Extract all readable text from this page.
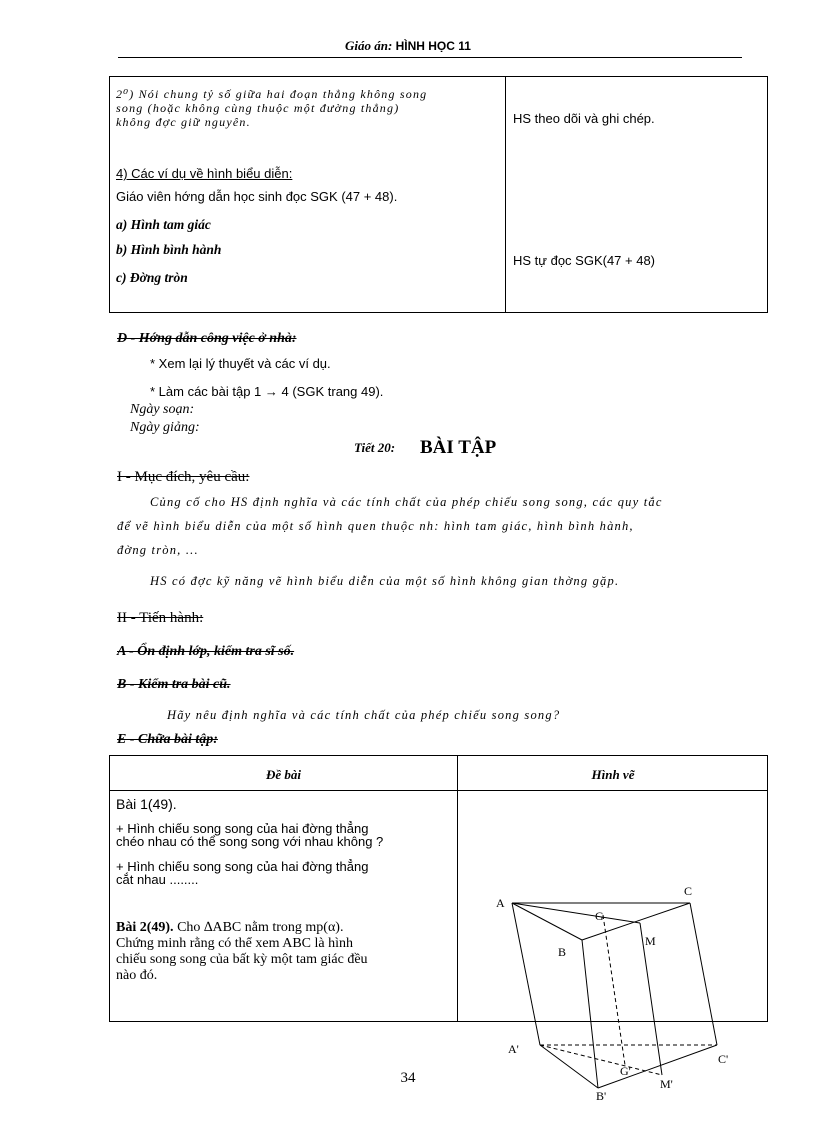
Giáo án: HÌNH HỌC 11
2⁰) Nói chung tỷ số giữa hai đoạn thẳng không song
song (hoặc không cùng thuộc một đường thẳng)
không đợc giữ nguyên.
4) Các ví dụ về hình biểu diễn:
Giáo viên hớng dẫn học sinh đọc SGK (47 + 48).
a) Hình tam giác
b) Hình bình hành
c) Đờng tròn
HS theo dõi và ghi chép.
HS tự đọc SGK(47 + 48)
D - Hớng dẫn công việc ở nhà:
* Xem lại lý thuyết và các ví dụ.
* Làm các bài tập 1 → 4 (SGK trang 49).
Ngày soạn:
Ngày giảng:
Tiết 20: BÀI TẬP
I - Mục đích, yêu cầu:
Củng cố cho HS định nghĩa và các tính chất của phép chiếu song song, các quy tắc
để vẽ hình biểu diễn của một số hình quen thuộc nh: hình tam giác, hình bình hành,
đờng tròn, ...
HS có đợc kỹ năng vẽ hình biểu diễn của một số hình không gian thờng gặp.
II - Tiến hành:
A - Ổn định lớp, kiểm tra sĩ số.
B - Kiểm tra bài cũ.
Hãy nêu định nghĩa và các tính chất của phép chiếu song song?
E - Chữa bài tập:
Đề bài	Hình vẽ
Bài 1(49).
+ Hình chiếu song song của hai đờng thẳng
chéo nhau có thể song song với nhau không ?
+ Hình chiếu song song của hai đờng thẳng
cắt nhau ........
Bài 2(49). Cho ∆ABC nằm trong mp(α).
Chứng minh rằng có thể xem ABC là hình
chiếu song song của bất kỳ một tam giác đều
nào đó.
A
B
C
G
M
A'
B'
C'
G'
M'
34
